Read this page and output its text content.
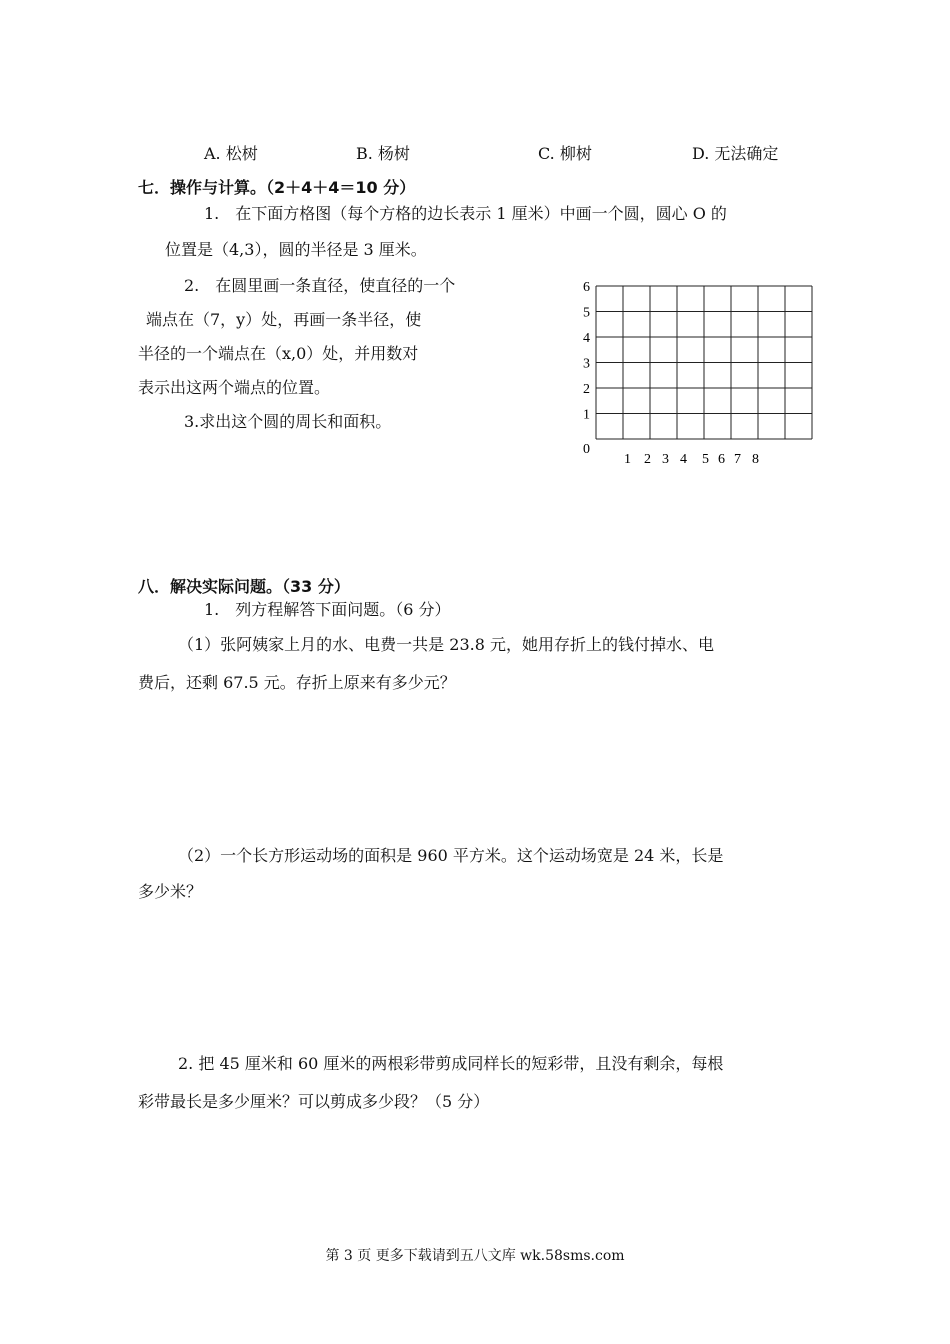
A. 松树	B. 杨树	C. 柳树	D. 无法确定
七．操作与计算。（2＋4＋4＝10 分）
1.　在下面方格图（每个方格的边长表示 1 厘米）中画一个圆，圆心 O 的
位置是（4,3），圆的半径是 3 厘米。
2.　在圆里画一条直径，使直径的一个
端点在（7，y）处，再画一条半径，使
半径的一个端点在（x,0）处，并用数对
表示出这两个端点的位置。
3.求出这个圆的周长和面积。
6
5
4
3
2
1
0
1 2 3 4 5 6 7 8
八．解决实际问题。（33 分）
1.　列方程解答下面问题。（6 分）
（1）张阿姨家上月的水、电费一共是 23.8 元，她用存折上的钱付掉水、电
费后，还剩 67.5 元。存折上原来有多少元？
（2）一个长方形运动场的面积是 960 平方米。这个运动场宽是 24 米，长是
多少米？
2. 把 45 厘米和 60 厘米的两根彩带剪成同样长的短彩带，且没有剩余，每根
彩带最长是多少厘米？可以剪成多少段？（5 分）
第 3 页 更多下载请到五八文库 wk.58sms.com
